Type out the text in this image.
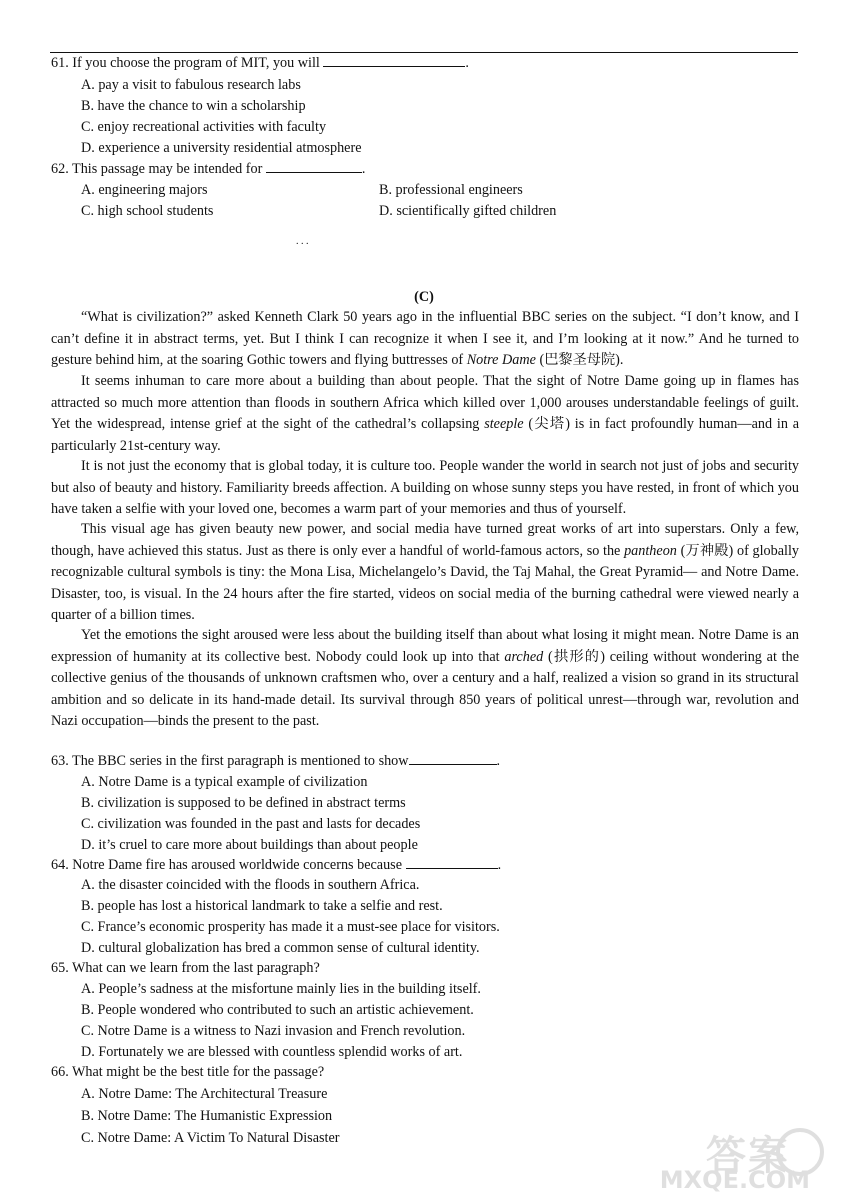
61. If you choose the program of MIT, you will	.
A. pay a visit to fabulous research labs
B. have the chance to win a scholarship
C. enjoy recreational activities with faculty
D. experience a university residential atmosphere
62. This passage may be intended for	.
A. engineering majors	B. professional engineers
C. high school students	D. scientifically gifted children
. . .
(C)

“What is civilization?” asked Kenneth Clark 50 years ago in the influential BBC series on the subject. “I don’t know, and I can’t define it in abstract terms, yet. But I think I can recognize it when I see it, and I’m looking at it now.” And he turned to gesture behind him, at the soaring Gothic towers and flying buttresses of Notre Dame (巴黎圣母院).

It seems inhuman to care more about a building than about people. That the sight of Notre Dame going up in flames has attracted so much more attention than floods in southern Africa which killed over 1,000 arouses understandable feelings of guilt. Yet the widespread, intense grief at the sight of the cathedral’s collapsing steeple (尖塔) is in fact profoundly human—and in a particularly 21st-century way.

It is not just the economy that is global today, it is culture too. People wander the world in search not just of jobs and security but also of beauty and history. Familiarity breeds affection. A building on whose sunny steps you have rested, in front of which you have taken a selfie with your loved one, becomes a warm part of your memories and thus of yourself.

This visual age has given beauty new power, and social media have turned great works of art into superstars. Only a few, though, have achieved this status. Just as there is only ever a handful of world-famous actors, so the pantheon (万神殿) of globally recognizable cultural symbols is tiny: the Mona Lisa, Michelangelo’s David, the Taj Mahal, the Great Pyramid— and Notre Dame. Disaster, too, is visual. In the 24 hours after the fire started, videos on social media of the burning cathedral were viewed nearly a quarter of a billion times.

Yet the emotions the sight aroused were less about the building itself than about what losing it might mean. Notre Dame is an expression of humanity at its collective best. Nobody could look up into that arched (拱形的) ceiling without wondering at the collective genius of the thousands of unknown craftsmen who, over a century and a half, realized a vision so grand in its structural ambition and so delicate in its hand-made detail. Its survival through 850 years of political unrest—through war, revolution and Nazi occupation—binds the present to the past.

63. The BBC series in the first paragraph is mentioned to show	.
A. Notre Dame is a typical example of civilization
B. civilization is supposed to be defined in abstract terms
C. civilization was founded in the past and lasts for decades
D. it’s cruel to care more about buildings than about people
64. Notre Dame fire has aroused worldwide concerns because	.
A. the disaster coincided with the floods in southern Africa.
B. people has lost a historical landmark to take a selfie and rest.
C. France’s economic prosperity has made it a must-see place for visitors.
D. cultural globalization has bred a common sense of cultural identity.
65. What can we learn from the last paragraph?
A. People’s sadness at the misfortune mainly lies in the building itself.
B. People wondered who contributed to such an artistic achievement.
C. Notre Dame is a witness to Nazi invasion and French revolution.
D. Fortunately we are blessed with countless splendid works of art.
66. What might be the best title for the passage?
A. Notre Dame: The Architectural Treasure
B. Notre Dame: The Humanistic Expression
C. Notre Dame: A Victim To Natural Disaster	答案
MXQE.COM
